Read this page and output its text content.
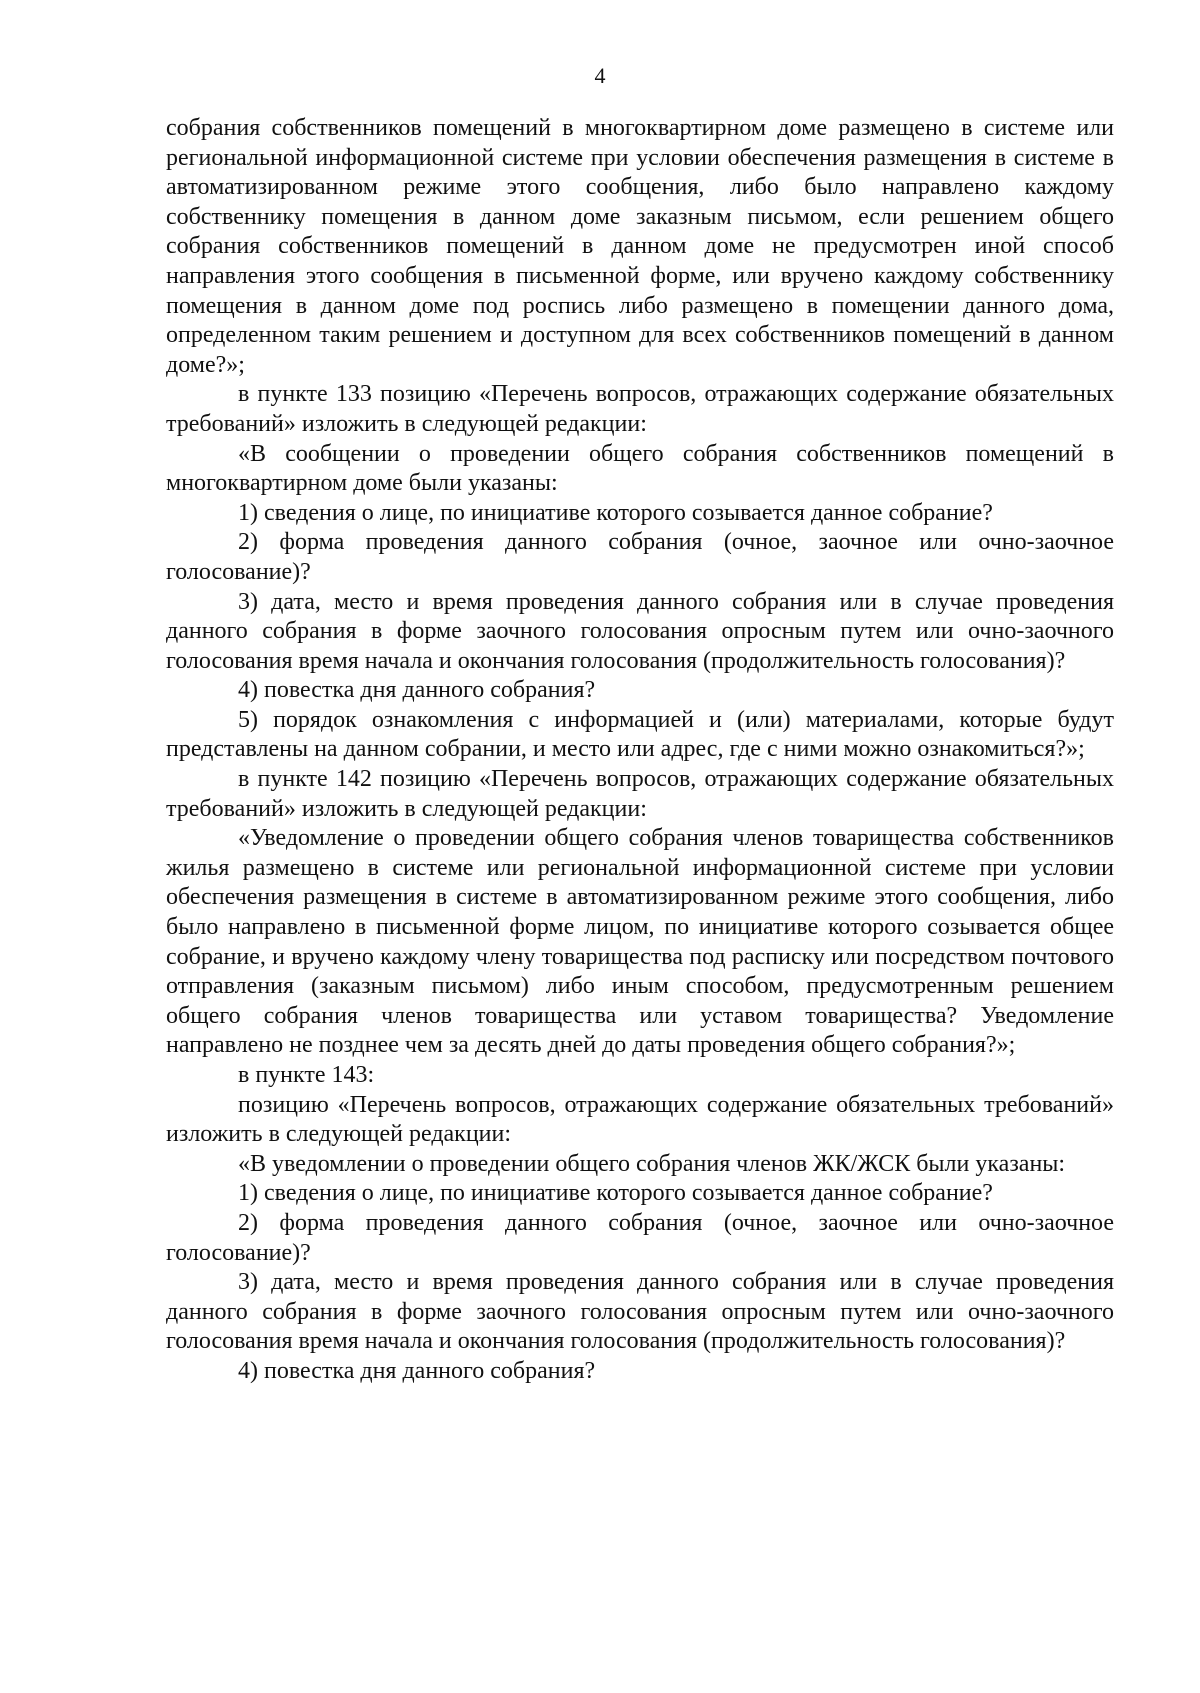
4

собрания собственников помещений в многоквартирном доме размещено в системе или региональной информационной системе при условии обеспечения размещения в системе в автоматизированном режиме этого сообщения, либо было направлено каждому собственнику помещения в данном доме заказным письмом, если решением общего собрания собственников помещений в данном доме не предусмотрен иной способ направления этого сообщения в письменной форме, или вручено каждому собственнику помещения в данном доме под роспись либо размещено в помещении данного дома, определенном таким решением и доступном для всех собственников помещений в данном доме?»;

в пункте 133 позицию «Перечень вопросов, отражающих содержание обязательных требований» изложить в следующей редакции:

«В сообщении о проведении общего собрания собственников помещений в многоквартирном доме были указаны:

1) сведения о лице, по инициативе которого созывается данное собрание?

2) форма проведения данного собрания (очное, заочное или очно-заочное голосование)?

3) дата, место и время проведения данного собрания или в случае проведения данного собрания в форме заочного голосования опросным путем или очно-заочного голосования время начала и окончания голосования (продолжительность голосования)?

4) повестка дня данного собрания?

5) порядок ознакомления с информацией и (или) материалами, которые будут представлены на данном собрании, и место или адрес, где с ними можно ознакомиться?»;

в пункте 142 позицию «Перечень вопросов, отражающих содержание обязательных требований» изложить в следующей редакции:

«Уведомление о проведении общего собрания членов товарищества собственников жилья размещено в системе или региональной информационной системе при условии обеспечения размещения в системе в автоматизированном режиме этого сообщения, либо было направлено в письменной форме лицом, по инициативе которого созывается общее собрание, и вручено каждому члену товарищества под расписку или посредством почтового отправления (заказным письмом) либо иным способом, предусмотренным решением общего собрания членов товарищества или уставом товарищества? Уведомление направлено не позднее чем за десять дней до даты проведения общего собрания?»;

в пункте 143:

позицию «Перечень вопросов, отражающих содержание обязательных требований» изложить в следующей редакции:

«В уведомлении о проведении общего собрания членов ЖК/ЖСК были указаны:

1) сведения о лице, по инициативе которого созывается данное собрание?

2) форма проведения данного собрания (очное, заочное или очно-заочное голосование)?

3) дата, место и время проведения данного собрания или в случае проведения данного собрания в форме заочного голосования опросным путем или очно-заочного голосования время начала и окончания голосования (продолжительность голосования)?

4) повестка дня данного собрания?
